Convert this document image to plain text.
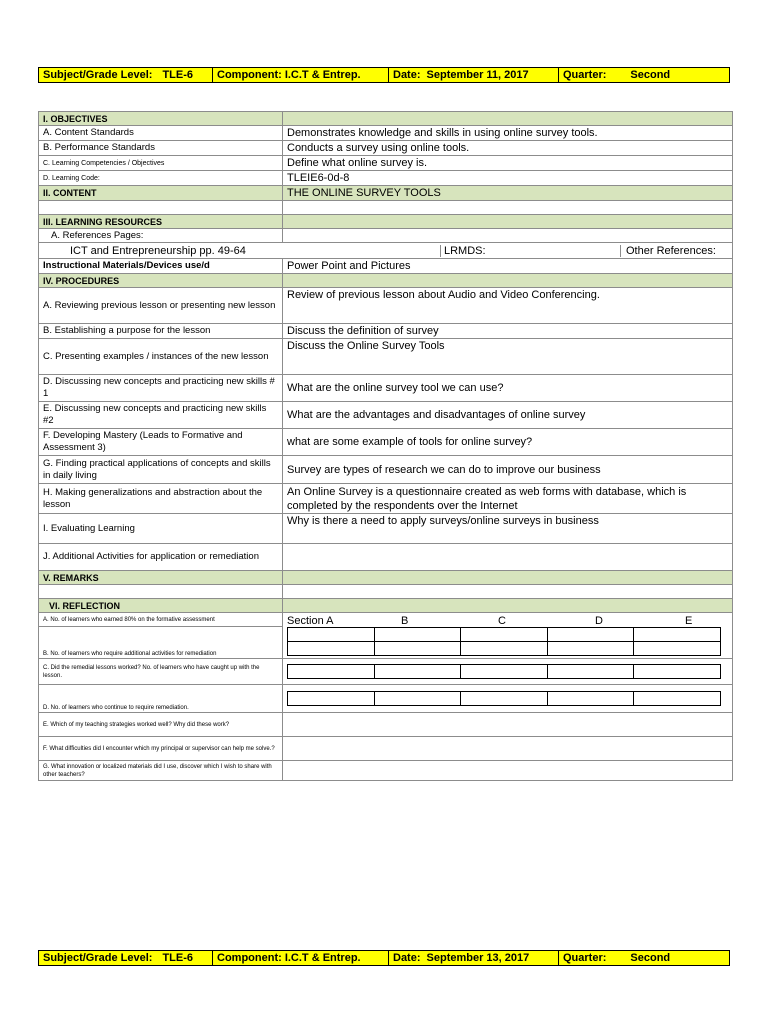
Subject/Grade Level: TLE-6 Component: I.C.T & Entrep.	Date: September 11, 2017	Quarter: Second
I. OBJECTIVES	
A. Content Standards	Demonstrates knowledge and skills in using online survey tools.
B. Performance Standards	Conducts a survey using online tools.
C. Learning Competencies / Objectives	Define what online survey is.
D. Learning Code:	TLEIE6-0d-8
II. CONTENT	THE ONLINE SURVEY TOOLS

III. LEARNING RESOURCES	
A. References Pages:	

ICT and Entrepreneurship pp. 49-64	LRMDS:	Other References:

Instructional Materials/Devices use/d	Power Point and Pictures
IV. PROCEDURES	
A. Reviewing previous lesson or presenting new lesson	Review of previous lesson about Audio and Video Conferencing.
B. Establishing a purpose for the lesson	Discuss the definition of survey
C. Presenting examples / instances of the new lesson	Discuss the Online Survey Tools
D. Discussing new concepts and practicing new skills # 1	What are the online survey tool we can use?
E. Discussing new concepts and practicing new skills #2	What are the advantages and disadvantages of online survey
F. Developing Mastery (Leads to Formative and Assessment 3)	what are some example of tools for online survey?
G. Finding practical applications of concepts and skills in daily living	Survey are types of research we can do to improve our business
H. Making generalizations and abstraction about the lesson	An Online Survey is a questionnaire created as web forms with database, which is completed by the respondents over the Internet
I. Evaluating Learning	Why is there a need to apply surveys/online surveys in business
J. Additional Activities for application or remediation	
V. REMARKS	

VI. REFLECTION	
A. No. of learners who earned 80% on the formative assessment	Section A	B	C	D	E

B. No. of learners who require additional activities for remediation
C. Did the remedial lessons worked? No. of learners who have caught up with the lesson.	

D. No. of learners who continue to require remediation.	

E. Which of my teaching strategies worked well? Why did these work?	
F. What difficulties did I encounter which my principal or supervisor can help me solve.?	
G. What innovation or localized materials did I use, discover which I wish to share with other teachers?	
Subject/Grade Level: TLE-6 Component: I.C.T & Entrep.	Date: September 13, 2017	Quarter: Second
